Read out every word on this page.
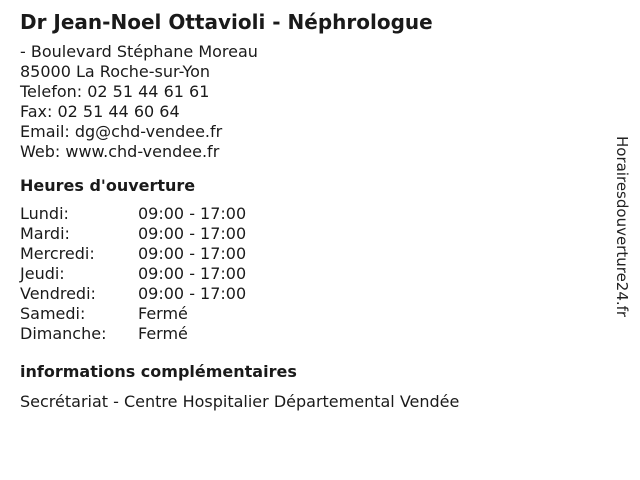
Dr Jean-Noel Ottavioli - Néphrologue
- Boulevard Stéphane Moreau
85000 La Roche-sur-Yon
Telefon: 02 51 44 61 61
Fax: 02 51 44 60 64
Email: dg@chd-vendee.fr
Web: www.chd-vendee.fr
Heures d'ouverture
Lundi:	09:00 - 17:00
Mardi:	09:00 - 17:00
Mercredi:	09:00 - 17:00
Jeudi:	09:00 - 17:00
Vendredi:	09:00 - 17:00
Samedi:	Fermé
Dimanche:	Fermé
informations complémentaires
Secrétariat - Centre Hospitalier Départemental Vendée
Horairesdouverture24.fr
